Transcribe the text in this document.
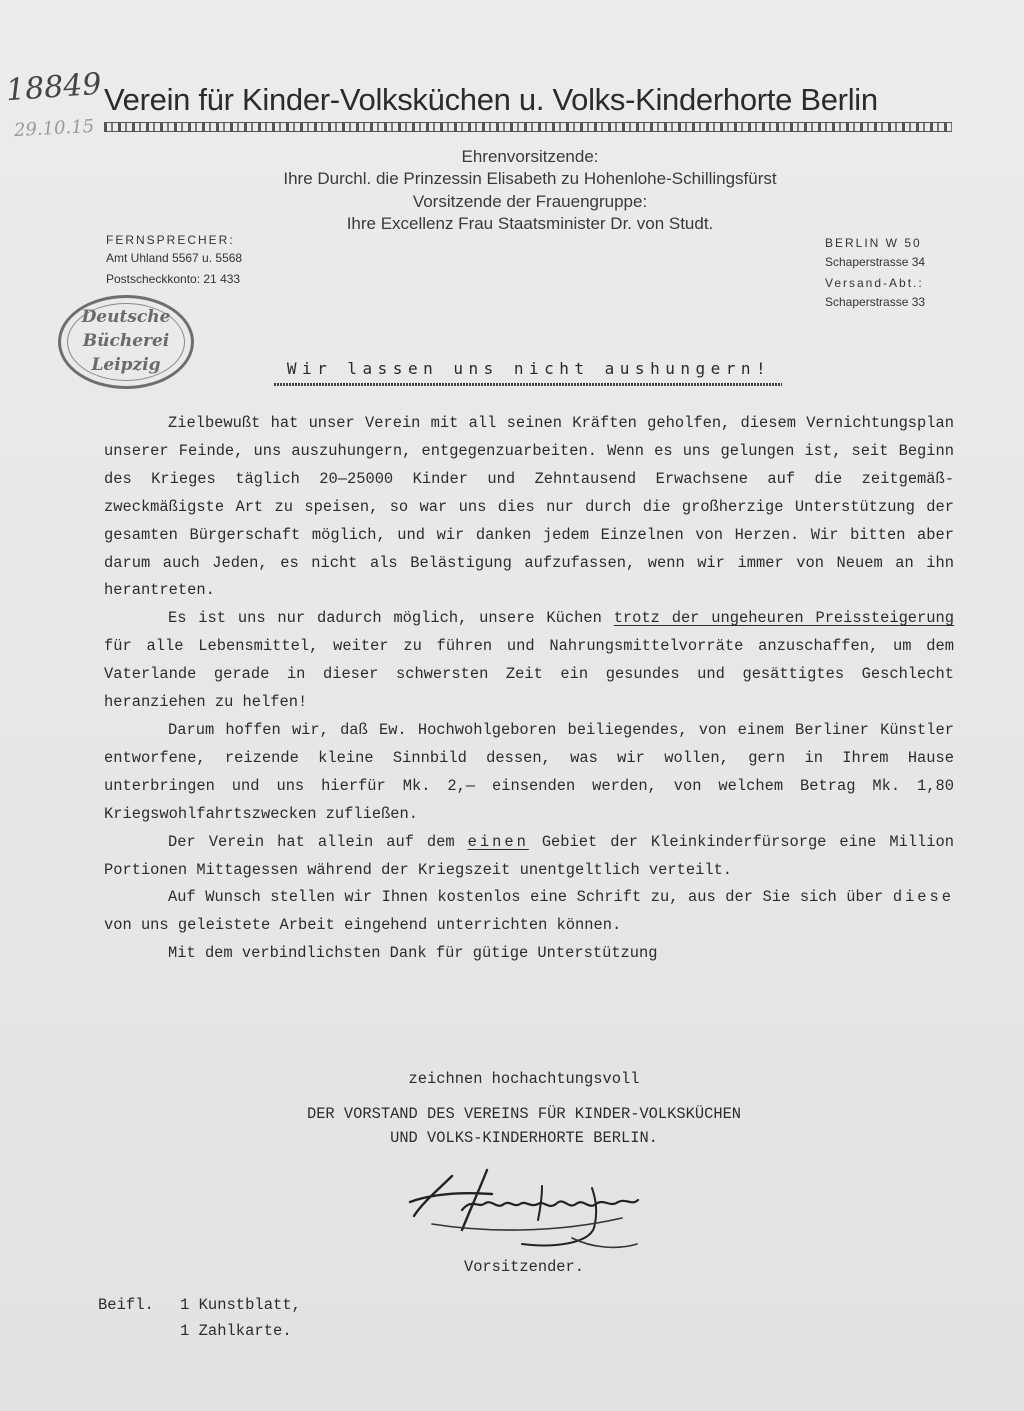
18849
29.10.15
Verein für Kinder-Volksküchen u. Volks-Kinderhorte Berlin
Ehrenvorsitzende:
Ihre Durchl. die Prinzessin Elisabeth zu Hohenlohe-Schillingsfürst
Vorsitzende der Frauengruppe:
Ihre Excellenz Frau Staatsminister Dr. von Studt.
FERNSPRECHER:
Amt Uhland 5567 u. 5568
Postscheckkonto: 21 433
BERLIN W 50
Schaperstrasse 34
Versand-Abt.:
Schaperstrasse 33
Deutsche
Bücherei
Leipzig	Wir lassen uns nicht aushungern!

Zielbewußt hat unser Verein mit all seinen Kräften geholfen, diesem Vernichtungsplan unserer Feinde, uns auszuhungern, entgegenzuarbeiten. Wenn es uns gelungen ist, seit Beginn des Krieges täglich 20—25000 Kinder und Zehntausend Erwachsene auf die zeitgemäß-zweckmäßigste Art zu speisen, so war uns dies nur durch die großherzige Unterstützung der gesamten Bürgerschaft möglich, und wir danken jedem Einzelnen von Herzen. Wir bitten aber darum auch Jeden, es nicht als Belästigung aufzufassen, wenn wir immer von Neuem an ihn herantreten.

Es ist uns nur dadurch möglich, unsere Küchen trotz der ungeheuren Preissteigerung für alle Lebensmittel, weiter zu führen und Nahrungsmittelvorräte anzuschaffen, um dem Vaterlande gerade in dieser schwersten Zeit ein gesundes und gesättigtes Geschlecht heranziehen zu helfen!

Darum hoffen wir, daß Ew. Hochwohlgeboren beiliegendes, von einem Berliner Künstler entworfene, reizende kleine Sinnbild dessen, was wir wollen, gern in Ihrem Hause unterbringen und uns hierfür Mk. 2,— einsenden werden, von welchem Betrag Mk. 1,80 Kriegswohlfahrtszwecken zufließen.

Der Verein hat allein auf dem einen Gebiet der Kleinkinderfürsorge eine Million Portionen Mittagessen während der Kriegszeit unentgeltlich verteilt.

Auf Wunsch stellen wir Ihnen kostenlos eine Schrift zu, aus der Sie sich über diese von uns geleistete Arbeit eingehend unterrichten können.

Mit dem verbindlichsten Dank für gütige Unterstützung

zeichnen hochachtungsvoll
DER VORSTAND DES VEREINS FÜR KINDER-VOLKSKÜCHEN
UND VOLKS-KINDERHORTE BERLIN.
Vorsitzender.
Beifl. 1 Kunstblatt,
1 Zahlkarte.
